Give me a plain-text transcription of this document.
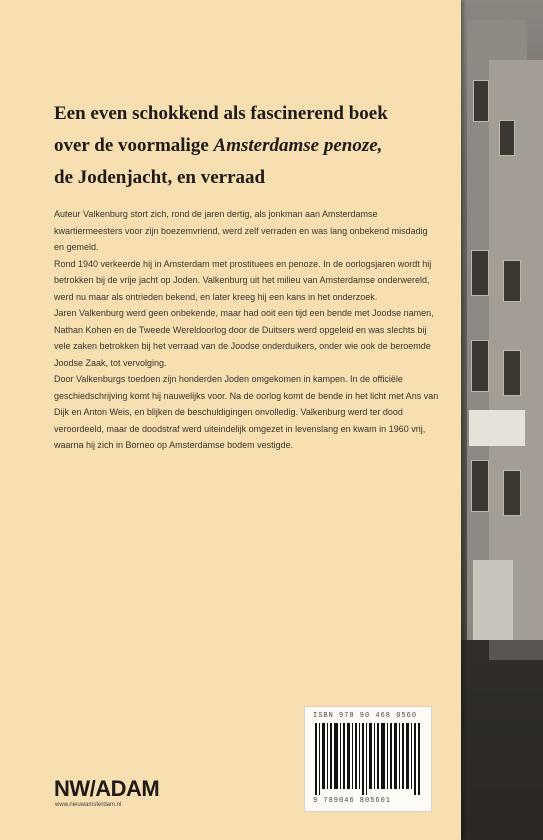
Een even schokkend als fascinerend boek
over de voormalige Amsterdamse penoze,
de Jodenjacht, en verraad

Auteur Valkenburg stort zich, rond de jaren dertig, als jonkman aan Amsterdamse kwartiermeesters voor zijn boezemvriend, werd zelf verraden en was lang onbekend misdadig en gemeld.

Rond 1940 verkeerde hij in Amsterdam met prostituees en penoze. In de oorlogsjaren wordt hij betrokken bij de vrije jacht op Joden. Valkenburg uit het milieu van Amsterdamse onderwereld, werd nu maar als ontrieden bekend, en later kreeg hij een kans in het onderzoek.

Jaren Valkenburg werd geen onbekende, maar had ooit een tijd een bende met Joodse namen, Nathan Kohen en de Tweede Wereldoorlog door de Duitsers werd opgeleid en was slechts bij vele zaken betrokken bij het verraad van de Joodse onderduikers, onder wie ook de beroemde Joodse Zaak, tot vervolging.

Door Valkenburgs toedoen zijn honderden Joden omgekomen in kampen. In de officiële geschiedschrijving komt hij nauwelijks voor. Na de oorlog komt de bende in het licht met Ans van Dijk en Anton Weis, en blijken de beschuldigingen onvolledig. Valkenburg werd ter dood veroordeeld, maar de doodstraf werd uiteindelijk omgezet in levenslang en kwam in 1960 vrij, waarna hij zich in Borneo op Amsterdamse bodem vestigde.

ISBN 978 90 468 0560
9 789046 805601
NW/ADAM
www.nieuwamsterdam.nl
